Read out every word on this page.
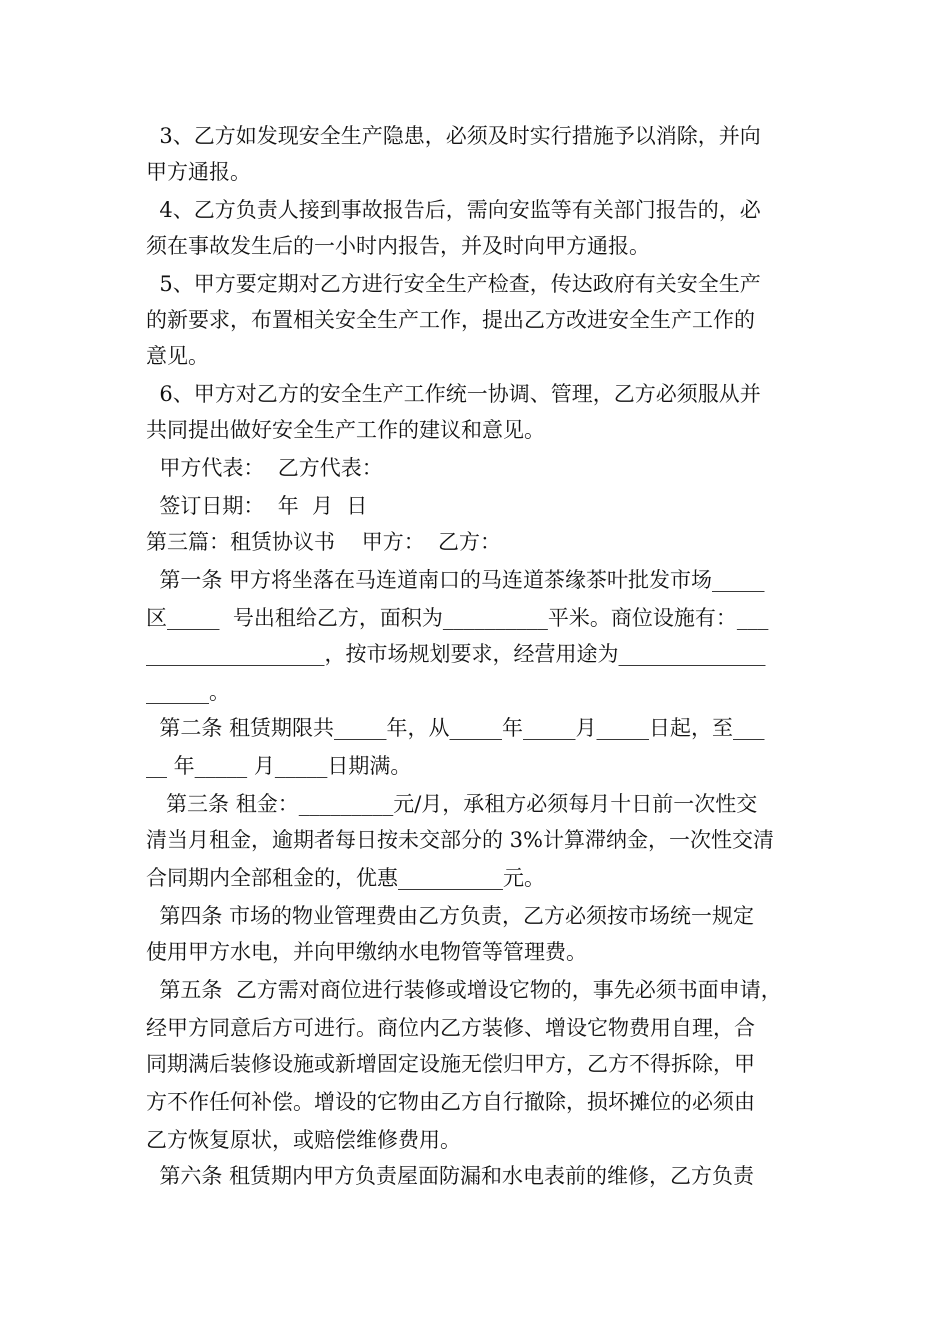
3、乙方如发现安全生产隐患，必须及时实行措施予以消除，并向
甲方通报。
4、乙方负责人接到事故报告后，需向安监等有关部门报告的，必
须在事故发生后的一小时内报告，并及时向甲方通报。
5、甲方要定期对乙方进行安全生产检查，传达政府有关安全生产
的新要求，布置相关安全生产工作，提出乙方改进安全生产工作的
意见。
6、甲方对乙方的安全生产工作统一协调、管理，乙方必须服从并
共同提出做好安全生产工作的建议和意见。
甲方代表：  乙方代表：
签订日期：  年  月  日
第三篇：租赁协议书    甲方：  乙方：
第一条 甲方将坐落在马连道南口的马连道茶缘茶叶批发市场_____
区_____  号出租给乙方，面积为__________平米。商位设施有：___
_________________，按市场规划要求，经营用途为______________
______。
第二条 租赁期限共_____年，从_____年_____月_____日起，至___
__ 年_____ 月_____日期满。
第三条 租金：_________元/月，承租方必须每月十日前一次性交
清当月租金，逾期者每日按未交部分的 3%计算滞纳金，一次性交清
合同期内全部租金的，优惠__________元。
第四条 市场的物业管理费由乙方负责，乙方必须按市场统一规定
使用甲方水电，并向甲缴纳水电物管等管理费。
第五条  乙方需对商位进行装修或增设它物的，事先必须书面申请，
经甲方同意后方可进行。商位内乙方装修、增设它物费用自理，合
同期满后装修设施或新增固定设施无偿归甲方，乙方不得拆除，甲
方不作任何补偿。增设的它物由乙方自行撤除，损坏摊位的必须由
乙方恢复原状，或赔偿维修费用。
第六条 租赁期内甲方负责屋面防漏和水电表前的维修，乙方负责
